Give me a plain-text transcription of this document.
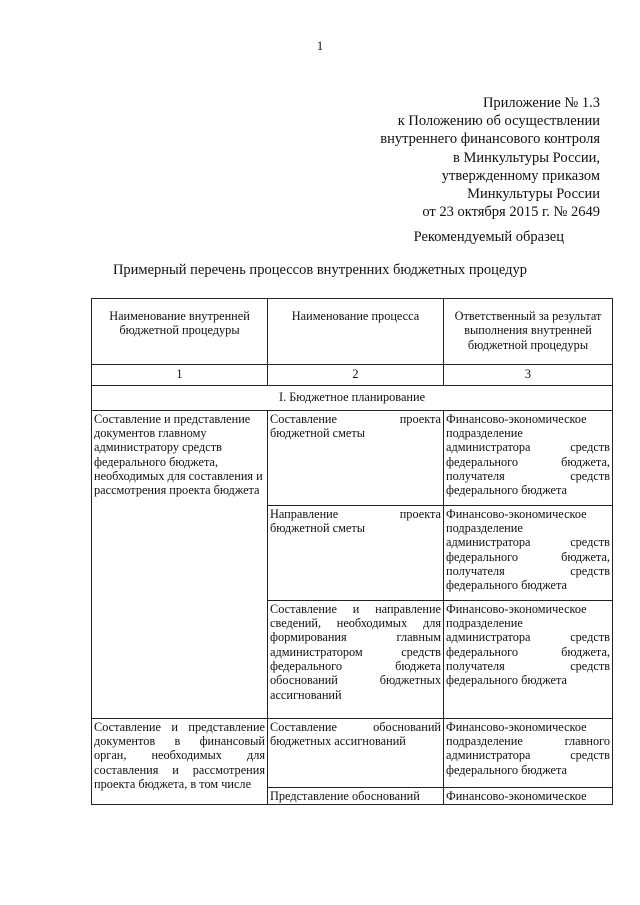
1
Приложение № 1.3
к Положению об осуществлении
внутреннего финансового контроля
в Минкультуры России,
утвержденному приказом
Минкультуры России
от 23 октября 2015 г. № 2649
Рекомендуемый образец
Примерный перечень процессов внутренних бюджетных процедур
Наименование внутренней бюджетной процедуры	Наименование процесса	Ответственный за результат выполнения внутренней бюджетной процедуры
1	2	3
I. Бюджетное планирование		
Составление и представление документов главному администратору средств федерального бюджета, необходимых для составления и рассмотрения проекта бюджета	Составление проекта бюджетной сметы	Финансово-экономическое подразделение администратора средств федерального бюджета, получателя средств федерального бюджета
	Направление проекта бюджетной сметы	Финансово-экономическое подразделение администратора средств федерального бюджета, получателя средств федерального бюджета
	Составление и направление сведений, необходимых для формирования главным администратором средств федерального бюджета обоснований бюджетных ассигнований	Финансово-экономическое подразделение администратора средств федерального бюджета, получателя средств федерального бюджета
Составление и представление документов в финансовый орган, необходимых для составления и рассмотрения проекта бюджета, в том числе	Составление обоснований бюджетных ассигнований	Финансово-экономическое подразделение главного администратора средств федерального бюджета
	Представление обоснований	Финансово-экономическое
